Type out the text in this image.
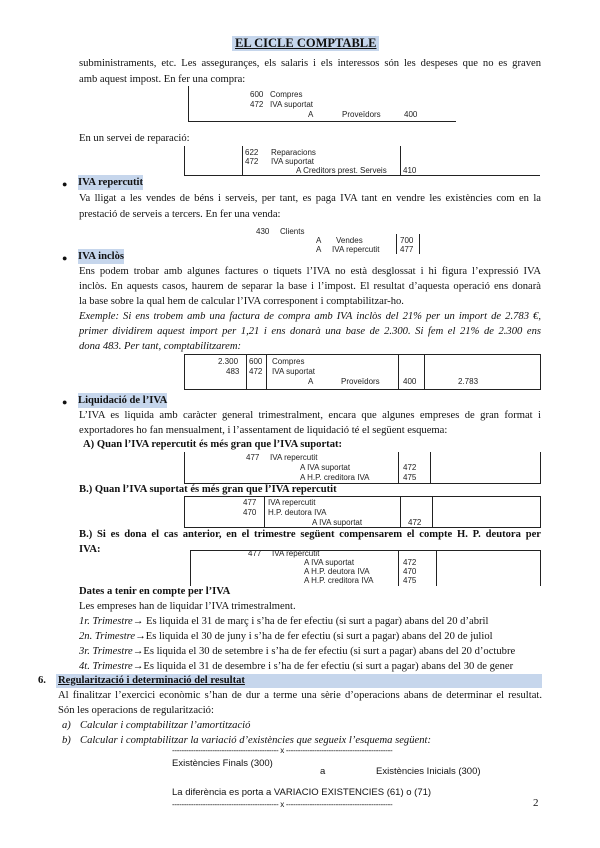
EL CICLE COMPTABLE
subministraments, etc. Les assegurançes, els salaris i els interessos són les despeses que no es graven
amb aquest impost. En fer una compra:
600 Compres
472 IVA suportat
A	Proveïdors	400
En un servei de reparació:
622 Reparacions
472 IVA suportat
A Creditors prest. Serveis 410
● IVA repercutit
Va lligat a les vendes de béns i serveis, per tant, es paga IVA tant en vendre les existències com en la
prestació de serveis a tercers. En fer una venda:
430 Clients
A Vendes	700
A IVA repercutit	477
● IVA inclòs
Ens podem trobar amb algunes factures o tiquets l’IVA no està desglossat i hi figura l’expressió IVA
inclòs. En aquests casos, haurem de separar la base i l’impost. El resultat d’aquesta operació ens donarà
la base sobre la qual hem de calcular l’IVA corresponent i comptabilitzar-ho.
Exemple: Si ens trobem amb una factura de compra amb IVA inclòs del 21% per un import de 2.783 €,
primer dividirem aquest import per 1,21 i ens donarà una base de 2.300. Si fem el 21% de 2.300 ens
dona 483. Per tant, comptabilitzarem:
2.300 600 Compres
483 472 IVA suportat
A	Proveïdors	400	2.783
● Liquidació de l’IVA
L’IVA es liquida amb caràcter general trimestralment, encara que algunes empreses de gran format i
exportadores ho fan mensualment, i l’assentament de liquidació té el següent esquema:
A) Quan l’IVA repercutit és més gran que l’IVA suportat:
477 IVA repercutit
A IVA suportat	472
A H.P. creditora IVA	475
B.) Quan l’IVA suportat és més gran que l’IVA repercutit
477 IVA repercutit
470 H.P. deutora IVA
A IVA suportat	472
B.) Si es dona el cas anterior, en el trimestre següent compensarem el compte H. P. deutora per
IVA:	477 IVA repercutit
A IVA suportat	472
A H.P. deutora IVA	470
A H.P. creditora IVA	475
Dates a tenir en compte per l’IVA
Les empreses han de liquidar l’IVA trimestralment.
1r. Trimestre→ Es liquida el 31 de març i s’ha de fer efectiu (si surt a pagar) abans del 20 d’abril
2n. Trimestre→Es liquida el 30 de juny i s’ha de fer efectiu (si surt a pagar) abans del 20 de juliol
3r. Trimestre→Es liquida el 30 de setembre i s’ha de fer efectiu (si surt a pagar) abans del 20 d’octubre
4t. Trimestre→Es liquida el 31 de desembre i s’ha de fer efectiu (si surt a pagar) abans del 30 de gener
6. Regularització i determinació del resultat
Al finalitzar l’exercici econòmic s’han de dur a terme una sèrie d’operacions abans de determinar el resultat.
Són les operacions de regularització:
a) Calcular i comptabilitzar l’amortització
b) Calcular i comptabilitzar la variació d’existències que segueix l’esquema següent:
--------------------------------------------- x ---------------------------------------------
Existències Finals (300)
a	Existències Inicials (300)
La diferència es porta a VARIACIO EXISTENCIES (61) o (71)
--------------------------------------------- x ---------------------------------------------	2
